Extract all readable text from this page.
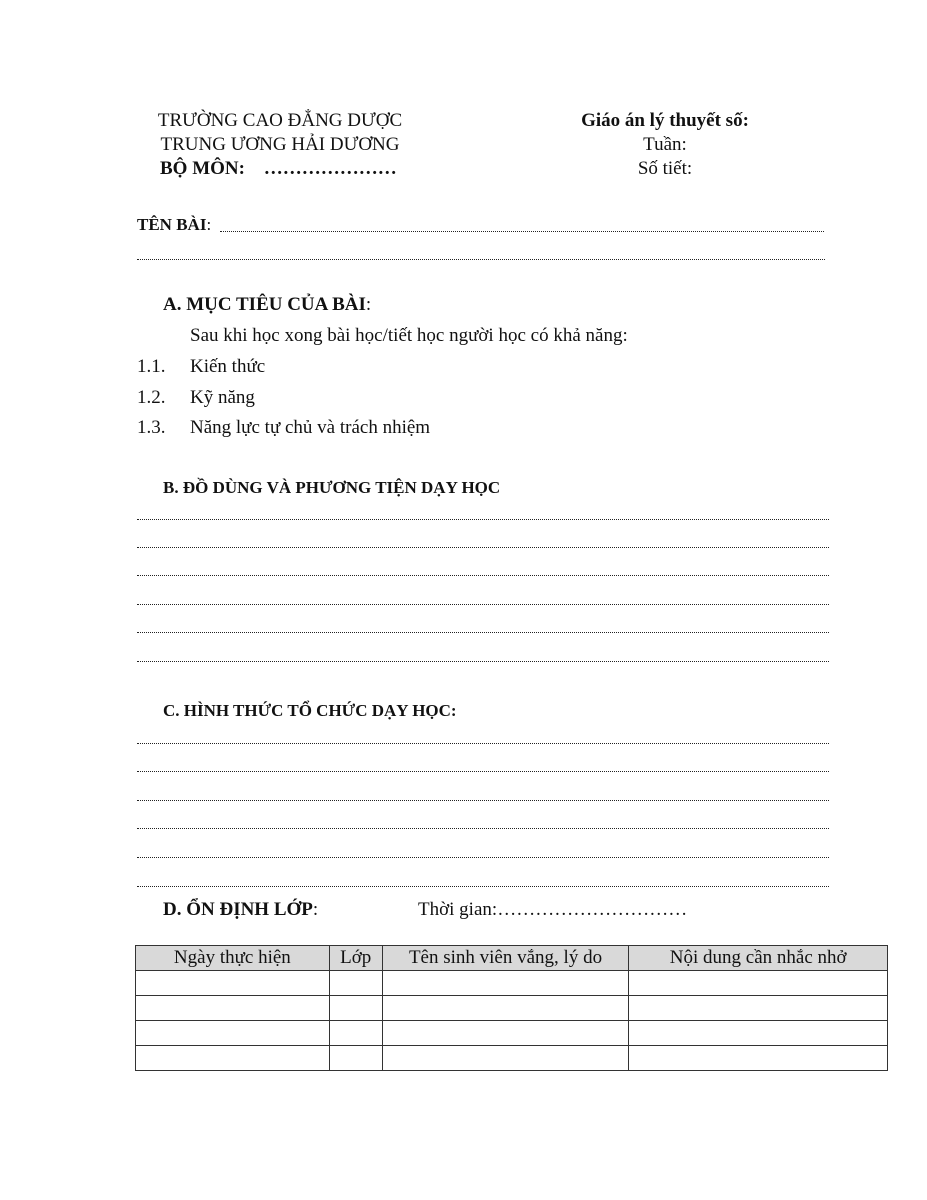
TRƯỜNG CAO ĐẲNG DƯỢC
TRUNG ƯƠNG HẢI DƯƠNG
BỘ MÔN: …………………
Giáo án lý thuyết số:
Tuần:
Số tiết:
TÊN BÀI:
A. MỤC TIÊU CỦA BÀI:
Sau khi học xong bài học/tiết học người học có khả năng:
1.1. Kiến thức
1.2. Kỹ năng
1.3. Năng lực tự chủ và trách nhiệm
B. ĐỒ DÙNG VÀ PHƯƠNG TIỆN DẠY HỌC
C. HÌNH THỨC TỔ CHỨC DẠY HỌC:
D. ỔN ĐỊNH LỚP:	Thời gian:…………………………
Ngày thực hiện	Lớp	Tên sinh viên vắng, lý do	Nội dung cần nhắc nhở
